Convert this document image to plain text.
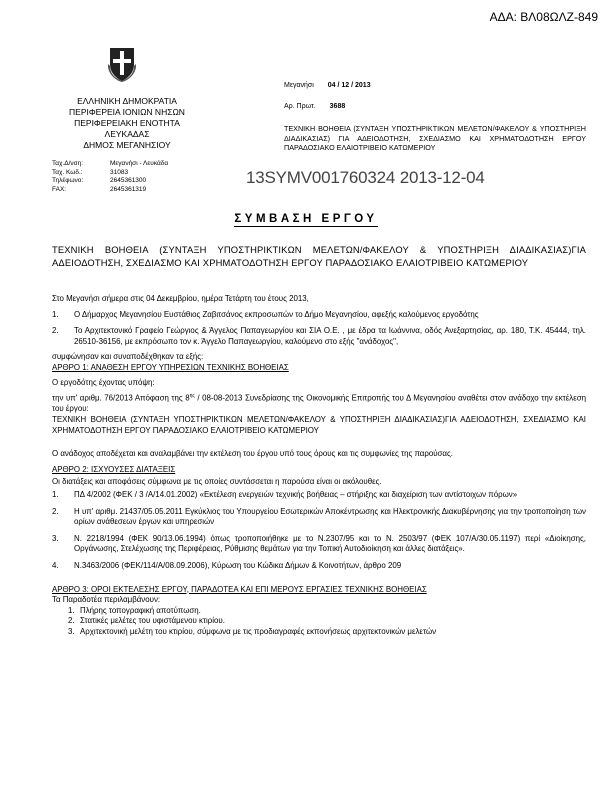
ΑΔΑ: ΒΛ08ΩΛΖ-849
ΕΛΛΗΝΙΚΗ ΔΗΜΟΚΡΑΤΙΑ
ΠΕΡΙΦΕΡΕΙΑ ΙΟΝΙΩΝ ΝΗΣΩΝ
ΠΕΡΙΦΕΡΕΙΑΚΗ ΕΝΟΤΗΤΑ
ΛΕΥΚΑΔΑΣ
ΔΗΜΟΣ ΜΕΓΑΝΗΣΙΟΥ
Ταχ.Δ/νση:	Μεγανήσι - Λευκάδα
Ταχ. Κωδ.:	31083
Τηλέφωνο:	2645361300
FAX:	2645361319
Μεγανήσι 04 / 12 / 2013
Αρ. Πρωτ. 3688
ΤΕΧΝΙΚΗ ΒΟΗΘΕΙΑ (ΣΥΝΤΑΞΗ ΥΠΟΣΤΗΡΙΚΤΙΚΩΝ ΜΕΛΕΤΩΝ/ΦΑΚΕΛΟΥ & ΥΠΟΣΤΗΡΙΞΗ ΔΙΑΔΙΚΑΣΙΑΣ) ΓΙΑ ΑΔΕΙΟΔΟΤΗΣΗ, ΣΧΕΔΙΑΣΜΟ ΚΑΙ ΧΡΗΜΑΤΟΔΟΤΗΣΗ ΕΡΓΟΥ ΠΑΡΑΔΟΣΙΑΚΟ ΕΛΑΙΟΤΡΙΒΕΙΟ ΚΑΤΩΜΕΡΙΟΥ
13SYMV001760324 2013-12-04
ΣΥΜΒΑΣΗ ΕΡΓΟΥ
ΤΕΧΝΙΚΗ ΒΟΗΘΕΙΑ (ΣΥΝΤΑΞΗ ΥΠΟΣΤΗΡΙΚΤΙΚΩΝ ΜΕΛΕΤΩΝ/ΦΑΚΕΛΟΥ & ΥΠΟΣΤΗΡΙΞΗ ΔΙΑΔΙΚΑΣΙΑΣ)ΓΙΑ ΑΔΕΙΟΔΟΤΗΣΗ, ΣΧΕΔΙΑΣΜΟ ΚΑΙ ΧΡΗΜΑΤΟΔΟΤΗΣΗ ΕΡΓΟΥ ΠΑΡΑΔΟΣΙΑΚΟ ΕΛΑΙΟΤΡΙΒΕΙΟ ΚΑΤΩΜΕΡΙΟΥ

Στο Μεγανήσι σήμερα στις 04 Δεκεμβρίου, ημέρα Τετάρτη του έτους 2013,

1. Ο Δήμαρχος Μεγανησίου Ευστάθιος Ζαβιτσάνος εκπροσωπών το Δήμο Μεγανησίου, αφεξής καλούμενος εργοδότης
2. Το Αρχιτεκτονικό Γραφείο Γεώργιος & Άγγελος Παπαγεωργίου και ΣΙΑ Ο.Ε. , με έδρα τα Ιωάννινα, οδός Ανεξαρτησίας, αρ. 180, Τ.Κ. 45444, τηλ. 26510-36156, με εκπρόσωπο τον κ. Άγγελο Παπαγεωργίου, καλούμενο στο εξής "ανάδοχος",

συμφώνησαν και συναποδέχθηκαν τα εξής:

ΑΡΘΡΟ 1: ΑΝΑΘΕΣΗ ΕΡΓΟΥ ΥΠΗΡΕΣΙΩΝ ΤΕΧΝΙΚΗΣ ΒΟΗΘΕΙΑΣ

Ο εργοδότης έχοντας υπόψη:

την υπ' αριθμ. 76/2013 Απόφαση της $8^{\eta\varsigma} / 08-08-2013$ Συνεδρίασης της Οικονομικής Επιτροπής του Δ Μεγανησίου αναθέτει στον ανάδοχο την εκτέλεση του έργου:

ΤΕΧΝΙΚΗ ΒΟΗΘΕΙΑ (ΣΥΝΤΑΞΗ ΥΠΟΣΤΗΡΙΚΤΙΚΩΝ ΜΕΛΕΤΩΝ/ΦΑΚΕΛΟΥ & ΥΠΟΣΤΗΡΙΞΗ ΔΙΑΔΙΚΑΣΙΑΣ)ΓΙΑ ΑΔΕΙΟΔΟΤΗΣΗ, ΣΧΕΔΙΑΣΜΟ ΚΑΙ ΧΡΗΜΑΤΟΔΟΤΗΣΗ ΕΡΓΟΥ ΠΑΡΑΔΟΣΙΑΚΟ ΕΛΑΙΟΤΡΙΒΕΙΟ ΚΑΤΩΜΕΡΙΟΥ

Ο ανάδοχος αποδέχεται και αναλαμβάνει την εκτέλεση του έργου υπό τους όρους και τις συμφωνίες της παρούσας.

ΑΡΘΡΟ 2: ΙΣΧΥΟΥΣΕΣ ΔΙΑΤΑΞΕΙΣ

Οι διατάξεις και αποφάσεις σύμφωνα με τις οποίες συντάσσεται η παρούσα είναι οι ακόλουθες.

1. ΠΔ 4/2002 (ΦΕΚ / 3 /Α/14.01.2002) «Εκτέλεση ενεργειών τεχνικής βοήθειας – στήριξης και διαχείριση των αντίστοιχων πόρων»
2. Η υπ' αριθμ. 21437/05.05.2011 Εγκύκλιος του Υπουργείου Εσωτερικών Αποκέντρωσης και Ηλεκτρονικής Διακυβέρνησης για την τροποποίηση των ορίων ανάθεσεων έργων και υπηρεσιών
3. Ν. 2218/1994 (ΦΕΚ 90/13.06.1994) όπως τροποποιήθηκε με το Ν.2307/95 και το Ν. 2503/97 (ΦΕΚ 107/Α/30.05.1197) περί «Διοίκησης, Οργάνωσης, Στελέχωσης της Περιφέρειας, Ρύθμισης θεμάτων για την Τοπική Αυτοδιοίκηση και άλλες διατάξεις».
4. Ν.3463/2006 (ΦΕΚ/114/Α/08.09.2006), Κύρωση του Κώδικα Δήμων & Κοινοτήτων, άρθρο 209

ΑΡΘΡΟ 3: ΟΡΟΙ ΕΚΤΕΛΕΣΗΣ ΕΡΓΟΥ, ΠΑΡΑΔΟΤΕΑ ΚΑΙ ΕΠΙ ΜΕΡΟΥΣ ΕΡΓΑΣΙΕΣ ΤΕΧΝΙΚΗΣ ΒΟΗΘΕΙΑΣ

Τα Παραδοτέα περιλαμβάνουν:

1. Πλήρης τοπογραφική αποτύπωση.
2. Στατικές μελέτες του υφιστάμενου κτιρίου.
3. Αρχιτεκτονική μελέτη του κτιρίου, σύμφωνα με τις προδιαγραφές εκπονήσεως αρχιτεκτονικών μελετών
